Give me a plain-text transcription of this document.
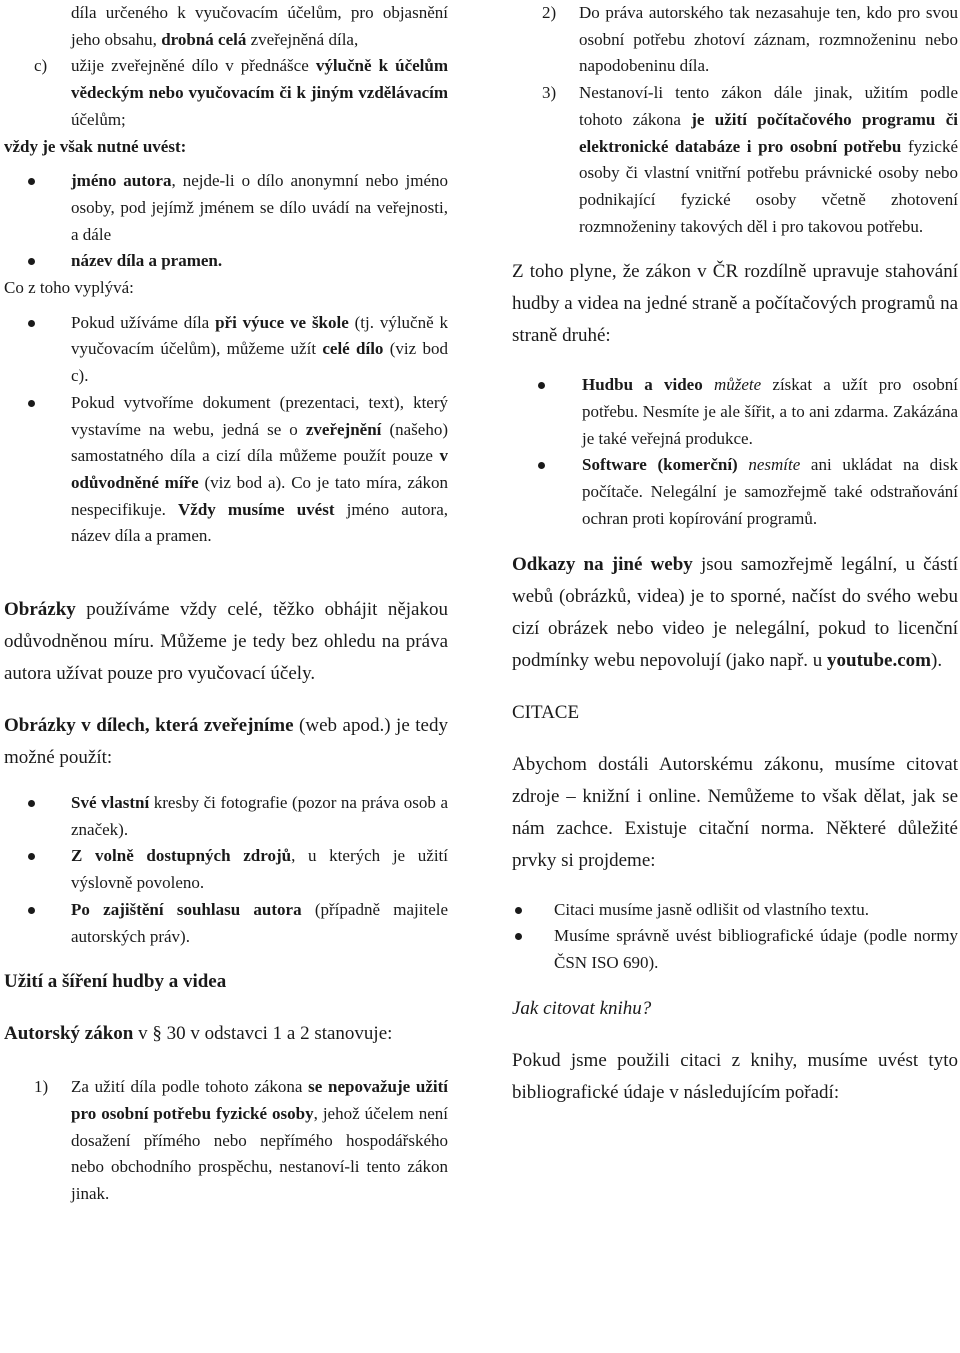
díla určeného k vyučovacím účelům, pro objasnění jeho obsahu, drobná celá zveřejněná díla,

c)	užije zveřejněné dílo v přednášce výlučně k účelům vědeckým nebo vyučovacím či k jiným vzdělávacím účelům;

vždy je však nutné uvést:

jméno autora, nejde-li o dílo anonymní nebo jméno osoby, pod jejímž jménem se dílo uvádí na veřejnosti, a dále

název díla a pramen.

Co z toho vyplývá:

Pokud užíváme díla při výuce ve škole (tj. výlučně k vyučovacím účelům), můžeme užít celé dílo (viz bod c).

Pokud vytvoříme dokument (prezentaci, text), který vystavíme na webu, jedná se o zveřejnění (našeho) samostatného díla a cizí díla můžeme použít pouze v odůvodněné míře (viz bod a). Co je tato míra, zákon nespecifikuje. Vždy musíme uvést jméno autora, název díla a pramen.

Obrázky používáme vždy celé, těžko obhájit nějakou odůvodněnou míru. Můžeme je tedy bez ohledu na práva autora užívat pouze pro vyučovací účely.

Obrázky v dílech, která zveřejníme (web apod.) je tedy možné použít:

Své vlastní kresby či fotografie (pozor na práva osob a značek).

Z volně dostupných zdrojů, u kterých je užití výslovně povoleno.

Po zajištění souhlasu autora (případně majitele autorských práv).

Užití a šíření hudby a videa

Autorský zákon v § 30 v odstavci 1 a 2 stanovuje:

1)	Za užití díla podle tohoto zákona se nepovažuje užití pro osobní potřebu fyzické osoby, jehož účelem není dosažení přímého nebo nepřímého hospodářského nebo obchodního prospěchu, nestanoví-li tento zákon jinak.

2)	Do práva autorského tak nezasahuje ten, kdo pro svou osobní potřebu zhotoví záznam, rozmnoženinu nebo napodobeninu díla.

3)	Nestanoví-li tento zákon dále jinak, užitím podle tohoto zákona je užití počítačového programu či elektronické databáze i pro osobní potřebu fyzické osoby či vlastní vnitřní potřebu právnické osoby nebo podnikající fyzické osoby včetně zhotovení rozmnoženiny takových děl i pro takovou potřebu.

Z toho plyne, že zákon v ČR rozdílně upravuje stahování hudby a videa na jedné straně a počítačových programů na straně druhé:

Hudbu a video můžete získat a užít pro osobní potřebu. Nesmíte je ale šířit, a to ani zdarma. Zakázána je také veřejná produkce.

Software (komerční) nesmíte ani ukládat na disk počítače. Nelegální je samozřejmě také odstraňování ochran proti kopírování programů.

Odkazy na jiné weby jsou samozřejmě legální, u částí webů (obrázků, videa) je to sporné, načíst do svého webu cizí obrázek nebo video je nelegální, pokud to licenční podmínky webu nepovolují (jako např. u youtube.com).

CITACE

Abychom dostáli Autorskému zákonu, musíme citovat zdroje – knižní i online. Nemůžeme to však dělat, jak se nám zachce. Existuje citační norma. Některé důležité prvky si projdeme:

Citaci musíme jasně odlišit od vlastního textu.

Musíme správně uvést bibliografické údaje (podle normy ČSN ISO 690).

Jak citovat knihu?

Pokud jsme použili citaci z knihy, musíme uvést tyto bibliografické údaje v následujícím pořadí:
